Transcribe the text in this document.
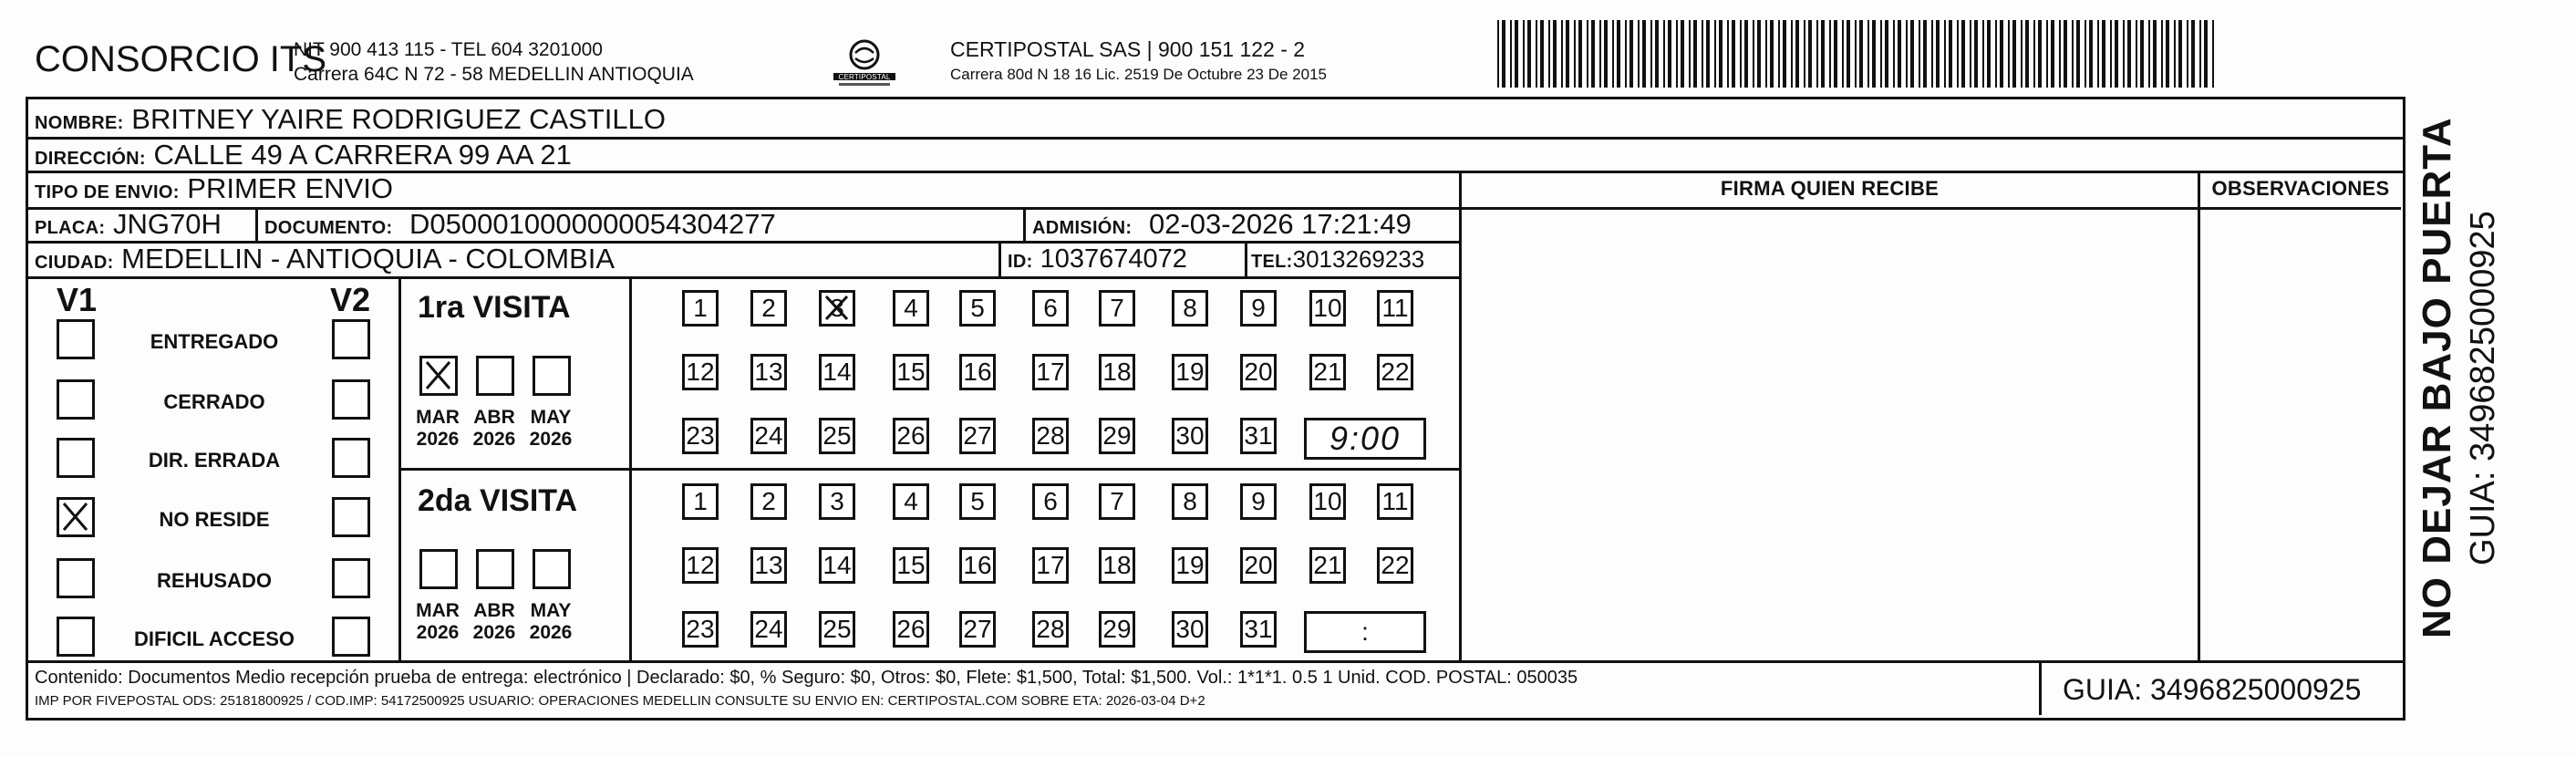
CONSORCIO ITS
NIT 900 413 115 - TEL 604 3201000
Carrera 64C N 72 - 58 MEDELLIN ANTIOQUIA	CERTIPOSTAL
CERTIPOSTAL SAS | 900 151 122 - 2
Carrera 80d N 18 16 Lic. 2519 De Octubre 23 De 2015
NOMBRE: BRITNEY YAIRE RODRIGUEZ CASTILLO
DIRECCIÓN: CALLE 49 A CARRERA 99 AA 21
TIPO DE ENVIO: PRIMER ENVIO
PLACA: JNG70H DOCUMENTO: D0500010000000054304277	ADMISIÓN: 02-03-2026 17:21:49
CIUDAD: MEDELLIN - ANTIOQUIA - COLOMBIA	ID: 1037674072	TEL:3013269233
FIRMA QUIEN RECIBE	OBSERVACIONES
V1	V2
ENTREGADO
CERRADO
DIR. ERRADA
NO RESIDE
REHUSADO
DIFICIL ACCESO
1ra VISITA
MAR
2026
ABR
2026
MAY
2026
1	2	3	4	5	6	7	8	9	10 11
12 13 14 15 16 17 18 19 20 21 22
23 24 25 26 27 28 29 30 31	9:00
2da VISITA
MAR
2026
ABR
2026
MAY
2026
1	2	3	4	5	6	7	8	9	10 11
12 13 14 15 16 17 18 19 20 21 22
23 24 25 26 27 28 29 30 31	:
Contenido: Documentos Medio recepción prueba de entrega: electrónico | Declarado: $0, % Seguro: $0, Otros: $0, Flete: $1,500, Total: $1,500. Vol.: 1*1*1. 0.5 1 Unid. COD. POSTAL: 050035
IMP POR FIVEPOSTAL ODS: 25181800925 / COD.IMP: 54172500925 USUARIO: OPERACIONES MEDELLIN CONSULTE SU ENVIO EN: CERTIPOSTAL.COM SOBRE ETA: 2026-03-04 D+2	GUIA: 3496825000925
NO DEJAR BAJO PUERTA GUIA: 3496825000925
